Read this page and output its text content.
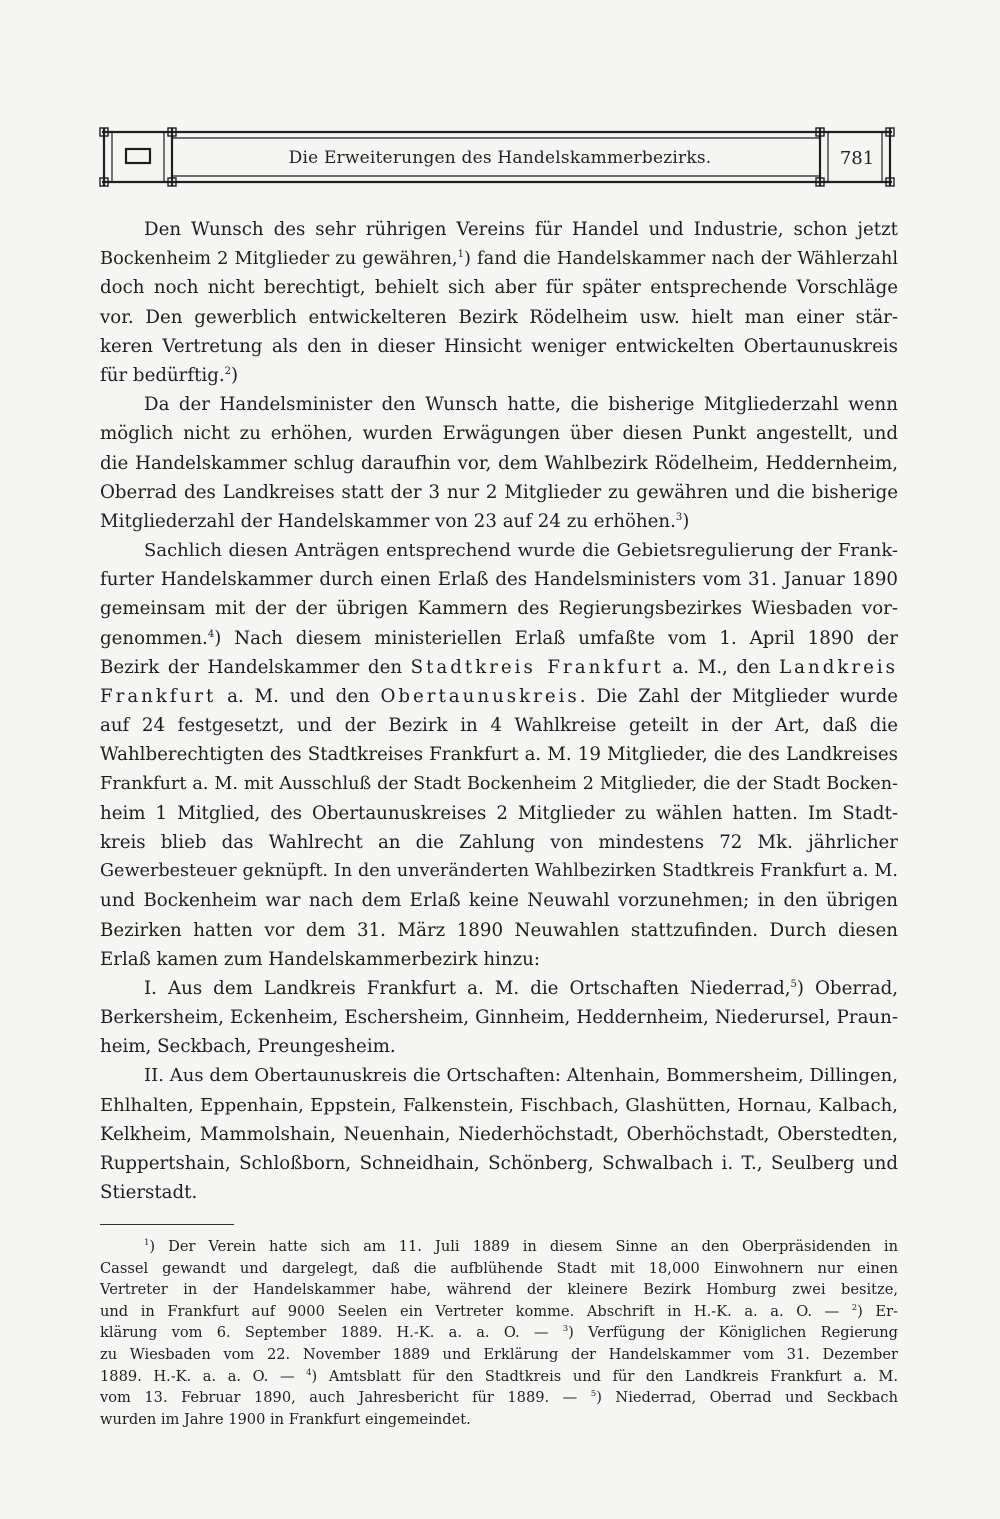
Die Erweiterungen des Handelskammerbezirks.	781
Den Wunsch des sehr rührigen Vereins für Handel und Industrie, schon jetzt
Bockenheim 2 Mitglieder zu gewähren,$^1$) fand die Handelskammer nach der Wählerzahl
doch noch nicht berechtigt, behielt sich aber für später entsprechende Vorschläge
vor. Den gewerblich entwickelteren Bezirk Rödelheim usw. hielt man einer stär-
keren Vertretung als den in dieser Hinsicht weniger entwickelten Obertaunuskreis
für bedürftig.$^2$)
Da der Handelsminister den Wunsch hatte, die bisherige Mitgliederzahl wenn
möglich nicht zu erhöhen, wurden Erwägungen über diesen Punkt angestellt, und
die Handelskammer schlug daraufhin vor, dem Wahlbezirk Rödelheim, Heddernheim,
Oberrad des Landkreises statt der 3 nur 2 Mitglieder zu gewähren und die bisherige
Mitgliederzahl der Handelskammer von 23 auf 24 zu erhöhen.$^3$)
Sachlich diesen Anträgen entsprechend wurde die Gebietsregulierung der Frank-
furter Handelskammer durch einen Erlaß des Handelsministers vom 31. Januar 1890
gemeinsam mit der der übrigen Kammern des Regierungsbezirkes Wiesbaden vor-
genommen.$^4$) Nach diesem ministeriellen Erlaß umfaßte vom 1. April 1890 der
Bezirk der Handelskammer den Stadtkreis Frankfurt a. M., den Landkreis
Frankfurt a. M. und den Obertaunuskreis. Die Zahl der Mitglieder wurde
auf 24 festgesetzt, und der Bezirk in 4 Wahlkreise geteilt in der Art, daß die
Wahlberechtigten des Stadtkreises Frankfurt a. M. 19 Mitglieder, die des Landkreises
Frankfurt a. M. mit Ausschluß der Stadt Bockenheim 2 Mitglieder, die der Stadt Bocken-
heim 1 Mitglied, des Obertaunuskreises 2 Mitglieder zu wählen hatten. Im Stadt-
kreis blieb das Wahlrecht an die Zahlung von mindestens 72 Mk. jährlicher
Gewerbesteuer geknüpft. In den unveränderten Wahlbezirken Stadtkreis Frankfurt a. M.
und Bockenheim war nach dem Erlaß keine Neuwahl vorzunehmen; in den übrigen
Bezirken hatten vor dem 31. März 1890 Neuwahlen stattzufinden. Durch diesen
Erlaß kamen zum Handelskammerbezirk hinzu:
I. Aus dem Landkreis Frankfurt a. M. die Ortschaften Niederrad,$^5$) Oberrad,
Berkersheim, Eckenheim, Eschersheim, Ginnheim, Heddernheim, Niederursel, Praun-
heim, Seckbach, Preungesheim.
II. Aus dem Obertaunuskreis die Ortschaften: Altenhain, Bommersheim, Dillingen,
Ehlhalten, Eppenhain, Eppstein, Falkenstein, Fischbach, Glashütten, Hornau, Kalbach,
Kelkheim, Mammolshain, Neuenhain, Niederhöchstadt, Oberhöchstadt, Oberstedten,
Ruppertshain, Schloßborn, Schneidhain, Schönberg, Schwalbach i. T., Seulberg und
Stierstadt.
$^1$) Der Verein hatte sich am 11. Juli 1889 in diesem Sinne an den Oberpräsidenden in
Cassel gewandt und dargelegt, daß die aufblühende Stadt mit 18,000 Einwohnern nur einen
Vertreter in der Handelskammer habe, während der kleinere Bezirk Homburg zwei besitze,
und in Frankfurt auf 9000 Seelen ein Vertreter komme. Abschrift in H.-K. a. a. O. — $^2$) Er-
klärung vom 6. September 1889. H.-K. a. a. O. — $^3$) Verfügung der Königlichen Regierung
zu Wiesbaden vom 22. November 1889 und Erklärung der Handelskammer vom 31. Dezember
1889. H.-K. a. a. O. — $^4$) Amtsblatt für den Stadtkreis und für den Landkreis Frankfurt a. M.
vom 13. Februar 1890, auch Jahresbericht für 1889. — $^5$) Niederrad, Oberrad und Seckbach
wurden im Jahre 1900 in Frankfurt eingemeindet.
